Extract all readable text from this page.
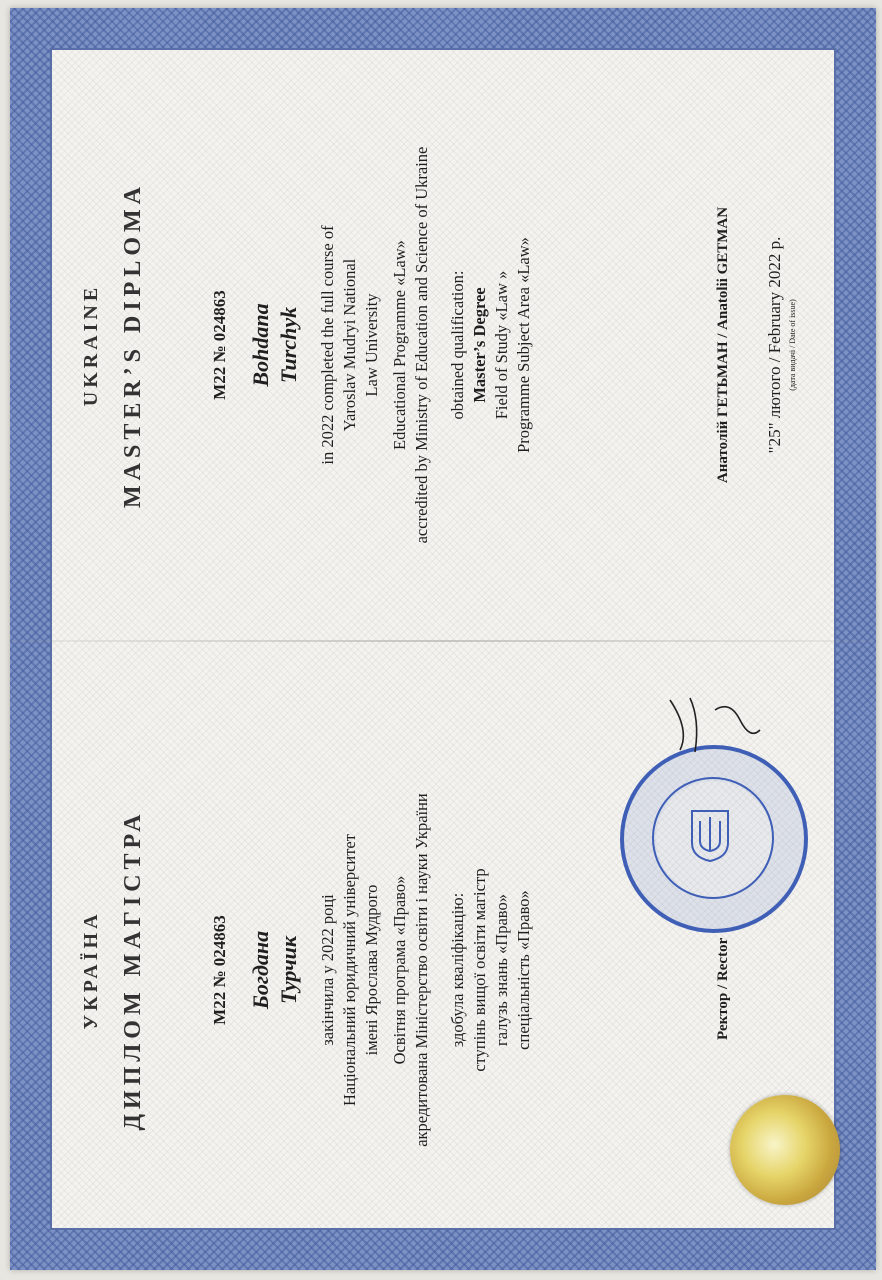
UKRAINE MASTER’S DIPLOMA	M22 № 024863 Bohdana Turchyk in 2022 completed the full course of Yaroslav Mudryi National Law University Educational Programme «Law» accredited by Ministry of Education and Science of Ukraine obtained qualification: Master’s Degree Field of Study «Law » Programme Subject Area «Law»	Анатолій ГЕТЬМАН / Anatolii GETMAN "25" лютого / February 2022 р. (дата видачі / Date of issue)
УКРАЇНА ДИПЛОМ МАГІСТРА	M22 № 024863 Богдана Турчик закінчила у 2022 році Національний юридичний університет імені Ярослава Мудрого Освітня програма «Право» акредитована Міністерство освіти і науки України здобула кваліфікацію: ступінь вищої освіти магістр галузь знань «Право» спеціальність «Право»	Ректор / Rector
